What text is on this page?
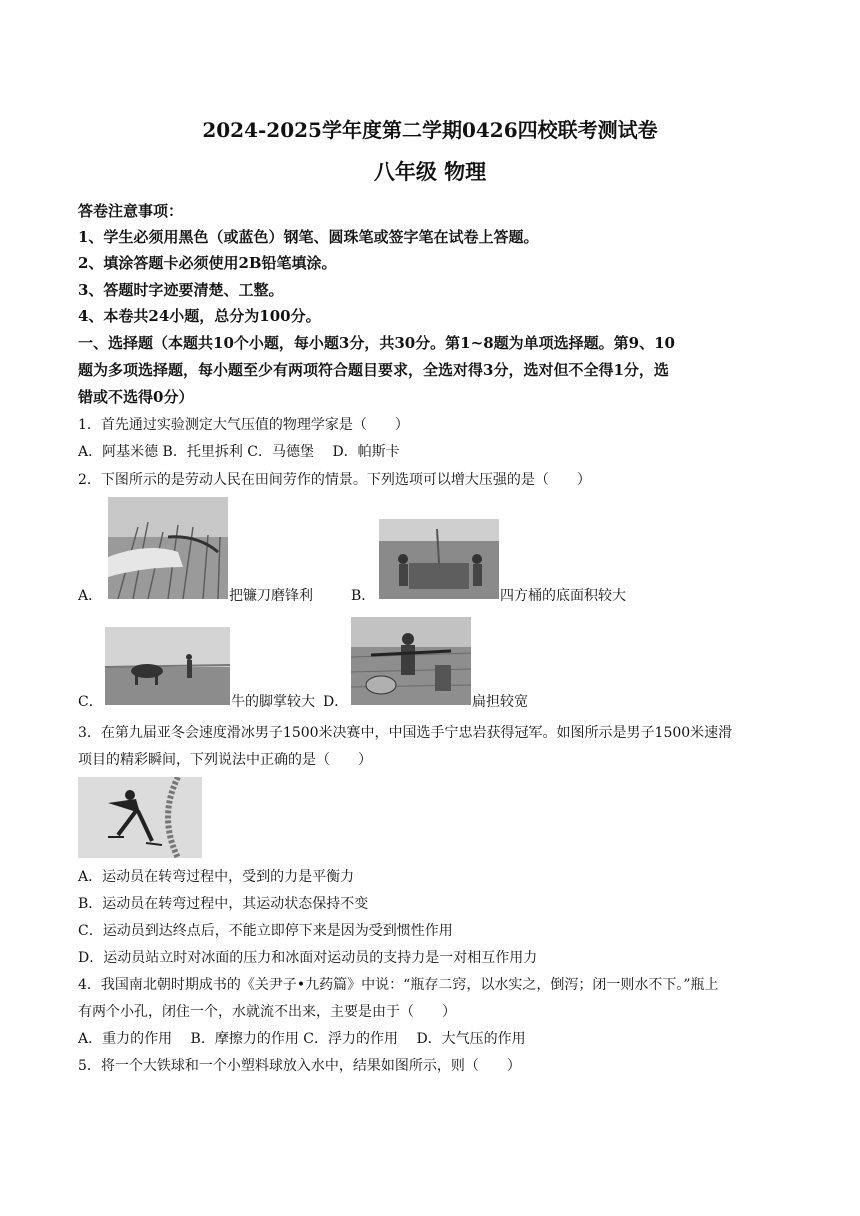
2024-2025学年度第二学期0426四校联考测试卷
八年级 物理
答卷注意事项：
1、学生必须用黑色（或蓝色）钢笔、圆珠笔或签字笔在试卷上答题。
2、填涂答题卡必须使用2B铅笔填涂。
3、答题时字迹要清楚、工整。
4、本卷共24小题，总分为100分。
一、选择题（本题共10个小题，每小题3分，共30分。第1~8题为单项选择题。第9、10
题为多项选择题，每小题至少有两项符合题目要求，全选对得3分，选对但不全得1分，选
错或不选得0分）
1．首先通过实验测定大气压值的物理学家是（　　）
A．阿基米德 B．托里拆利 C．马德堡　 D．帕斯卡
2．下图所示的是劳动人民在田间劳作的情景。下列选项可以增大压强的是（　　）
A．	把镰刀磨锋利	B．	四方桶的底面积较大
C．	牛的脚掌较大 D．	扁担较宽
3．在第九届亚冬会速度滑冰男子1500米决赛中，中国选手宁忠岩获得冠军。如图所示是男子1500米速滑
项目的精彩瞬间，下列说法中正确的是（　　）
A．运动员在转弯过程中，受到的力是平衡力
B．运动员在转弯过程中，其运动状态保持不变
C．运动员到达终点后，不能立即停下来是因为受到惯性作用
D．运动员站立时对冰面的压力和冰面对运动员的支持力是一对相互作用力
4．我国南北朝时期成书的《关尹子•九药篇》中说：“瓶存二窍，以水实之，倒泻；闭一则水不下。”瓶上
有两个小孔，闭住一个，水就流不出来，主要是由于（　　）
A．重力的作用　 B．摩擦力的作用 C．浮力的作用　 D．大气压的作用
5．将一个大铁球和一个小塑料球放入水中，结果如图所示，则（　　）
